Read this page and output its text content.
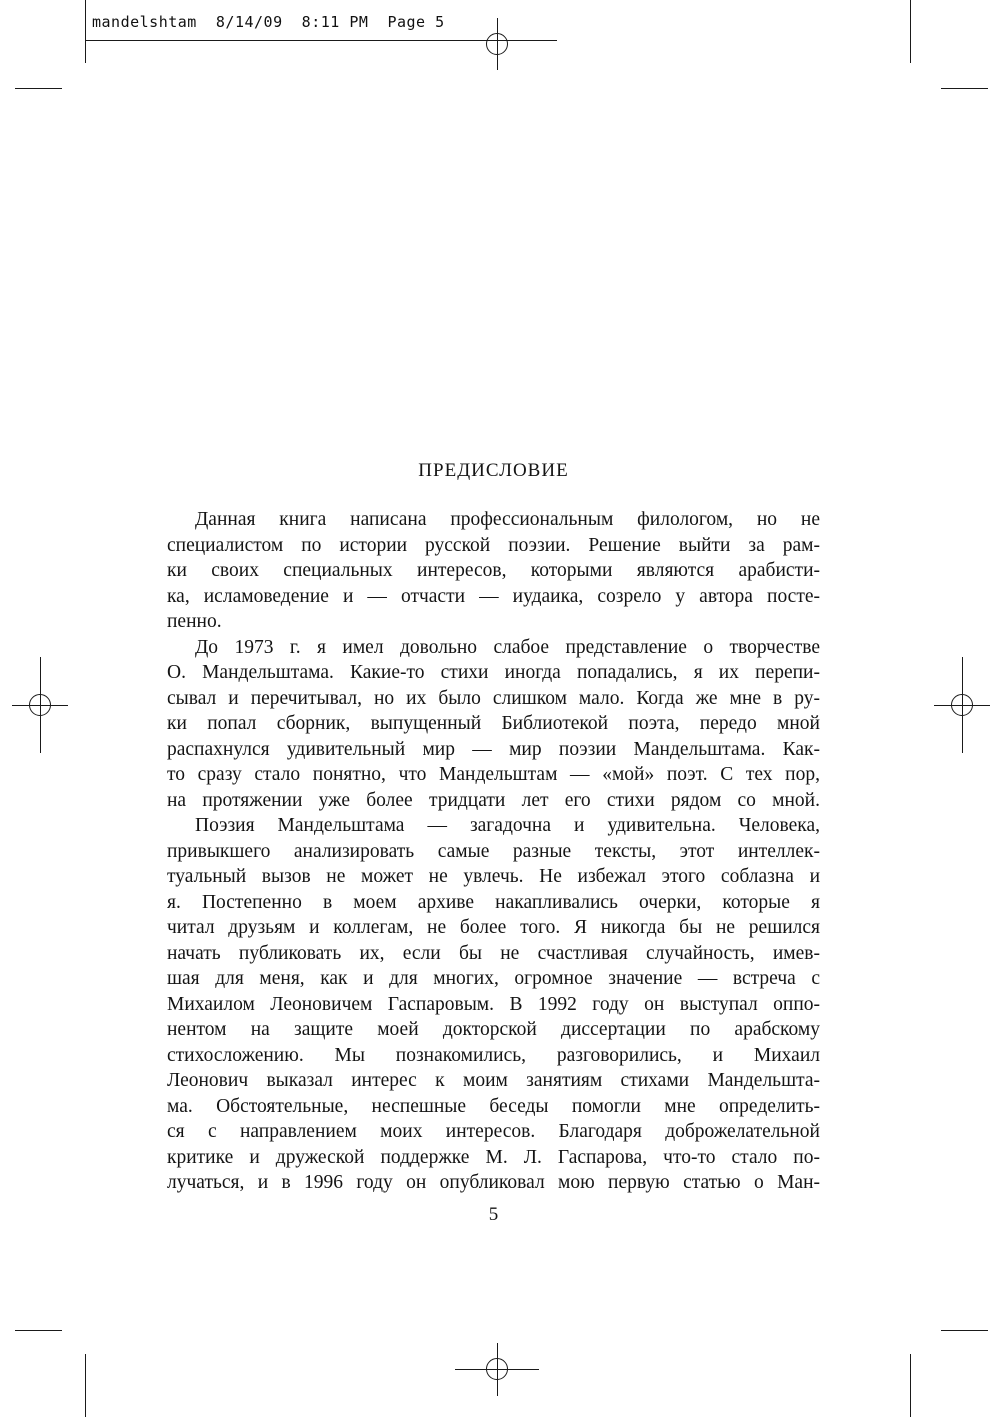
mandelshtam  8/14/09  8:11 PM  Page 5
ПРЕДИСЛОВИЕ
Данная книга написана профессиональным филологом, но не
специалистом по истории русской поэзии. Решение выйти за рам-
ки своих специальных интересов, которыми являются арабисти-
ка, исламоведение и — отчасти — иудаика, созрело у автора посте-
пенно.
До 1973 г. я имел довольно слабое представление о творчестве
О. Мандельштама. Какие-то стихи иногда попадались, я их перепи-
сывал и перечитывал, но их было слишком мало. Когда же мне в ру-
ки попал сборник, выпущенный Библиотекой поэта, передо мной
распахнулся удивительный мир — мир поэзии Мандельштама. Как-
то сразу стало понятно, что Мандельштам — «мой» поэт. С тех пор,
на протяжении уже более тридцати лет его стихи рядом со мной.
Поэзия Мандельштама — загадочна и удивительна. Человека,
привыкшего анализировать самые разные тексты, этот интеллек-
туальный вызов не может не увлечь. Не избежал этого соблазна и
я. Постепенно в моем архиве накапливались очерки, которые я
читал друзьям и коллегам, не более того. Я никогда бы не решился
начать публиковать их, если бы не счастливая случайность, имев-
шая для меня, как и для многих, огромное значение — встреча с
Михаилом Леоновичем Гаспаровым. В 1992 году он выступал оппо-
нентом на защите моей докторской диссертации по арабскому
стихосложению. Мы познакомились, разговорились, и Михаил
Леонович выказал интерес к моим занятиям стихами Мандельшта-
ма. Обстоятельные, неспешные беседы помогли мне определить-
ся с направлением моих интересов. Благодаря доброжелательной
критике и дружеской поддержке М. Л. Гаспарова, что-то стало по-
лучаться, и в 1996 году он опубликовал мою первую статью о Ман-
5
